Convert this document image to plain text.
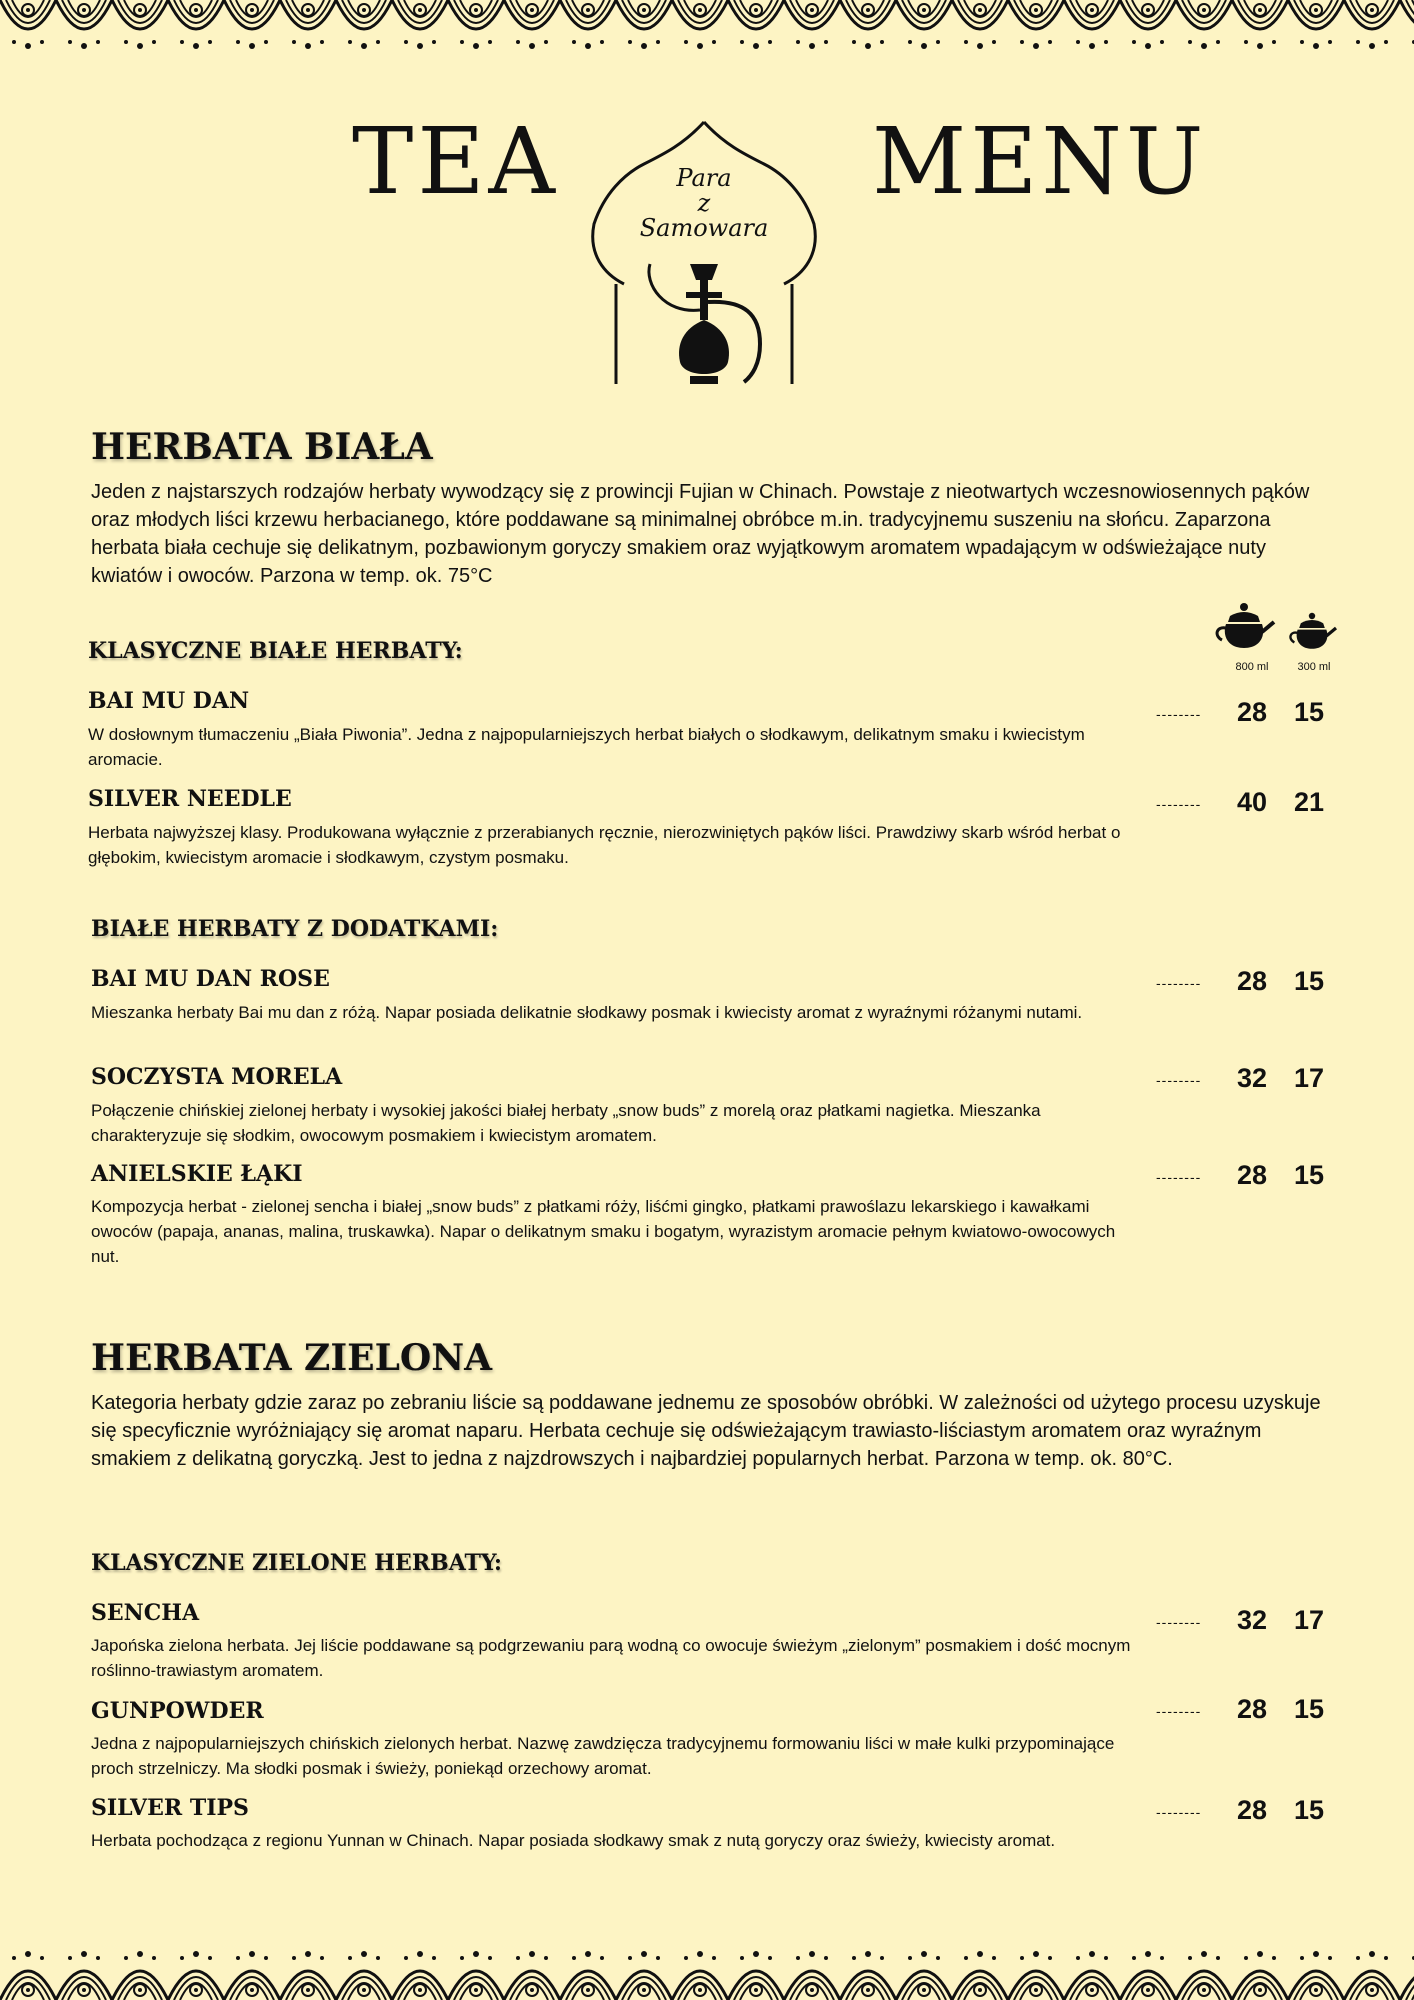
TEA	Para
z
Samowara
MENU
HERBATA BIAŁA
Jeden z najstarszych rodzajów herbaty wywodzący się z prowincji Fujian w Chinach. Powstaje z nieotwartych wczesnowiosennych pąków oraz młodych liści krzewu herbacianego, które poddawane są minimalnej obróbce m.in. tradycyjnemu suszeniu na słońcu. Zaparzona herbata biała cechuje się delikatnym, pozbawionym goryczy smakiem oraz wyjątkowym aromatem wpadającym w odświeżające nuty kwiatów i owoców. Parzona w temp. ok. 75°C
800 ml	300 ml
KLASYCZNE BIAŁE HERBATY:
BAI MU DAN
W dosłownym tłumaczeniu „Biała Piwonia”. Jedna z najpopularniejszych herbat białych o słodkawym, delikatnym smaku i kwiecistym aromacie.
--------	28 15
SILVER NEEDLE
Herbata najwyższej klasy. Produkowana wyłącznie z przerabianych ręcznie, nierozwiniętych pąków liści. Prawdziwy skarb wśród herbat o głębokim, kwiecistym aromacie i słodkawym, czystym posmaku.
--------	40 21
BIAŁE HERBATY Z DODATKAMI:
BAI MU DAN ROSE
Mieszanka herbaty Bai mu dan z różą. Napar posiada delikatnie słodkawy posmak i kwiecisty aromat z wyraźnymi różanymi nutami.
--------	28 15
SOCZYSTA MORELA
Połączenie chińskiej zielonej herbaty i wysokiej jakości białej herbaty „snow buds” z morelą oraz płatkami nagietka. Mieszanka charakteryzuje się słodkim, owocowym posmakiem i kwiecistym aromatem.
--------	32 17
ANIELSKIE ŁĄKI
Kompozycja herbat - zielonej sencha i białej „snow buds” z płatkami róży, liśćmi gingko, płatkami prawoślazu lekarskiego i kawałkami owoców (papaja, ananas, malina, truskawka). Napar o delikatnym smaku i bogatym, wyrazistym aromacie pełnym kwiatowo-owocowych nut.
--------	28 15
HERBATA ZIELONA
Kategoria herbaty gdzie zaraz po zebraniu liście są poddawane jednemu ze sposobów obróbki. W zależności od użytego procesu uzyskuje się specyficznie wyróżniający się aromat naparu. Herbata cechuje się odświeżającym trawiasto-liściastym aromatem oraz wyraźnym smakiem z delikatną goryczką. Jest to jedna z najzdrowszych i najbardziej popularnych herbat. Parzona w temp. ok. 80°C.
KLASYCZNE ZIELONE HERBATY:
SENCHA
Japońska zielona herbata. Jej liście poddawane są podgrzewaniu parą wodną co owocuje świeżym „zielonym” posmakiem i dość mocnym roślinno-trawiastym aromatem.
--------	32 17
GUNPOWDER
Jedna z najpopularniejszych chińskich zielonych herbat. Nazwę zawdzięcza tradycyjnemu formowaniu liści w małe kulki przypominające proch strzelniczy. Ma słodki posmak i świeży, poniekąd orzechowy aromat.
--------	28 15
SILVER TIPS
Herbata pochodząca z regionu Yunnan w Chinach. Napar posiada słodkawy smak z nutą goryczy oraz świeży, kwiecisty aromat.
--------	28 15
